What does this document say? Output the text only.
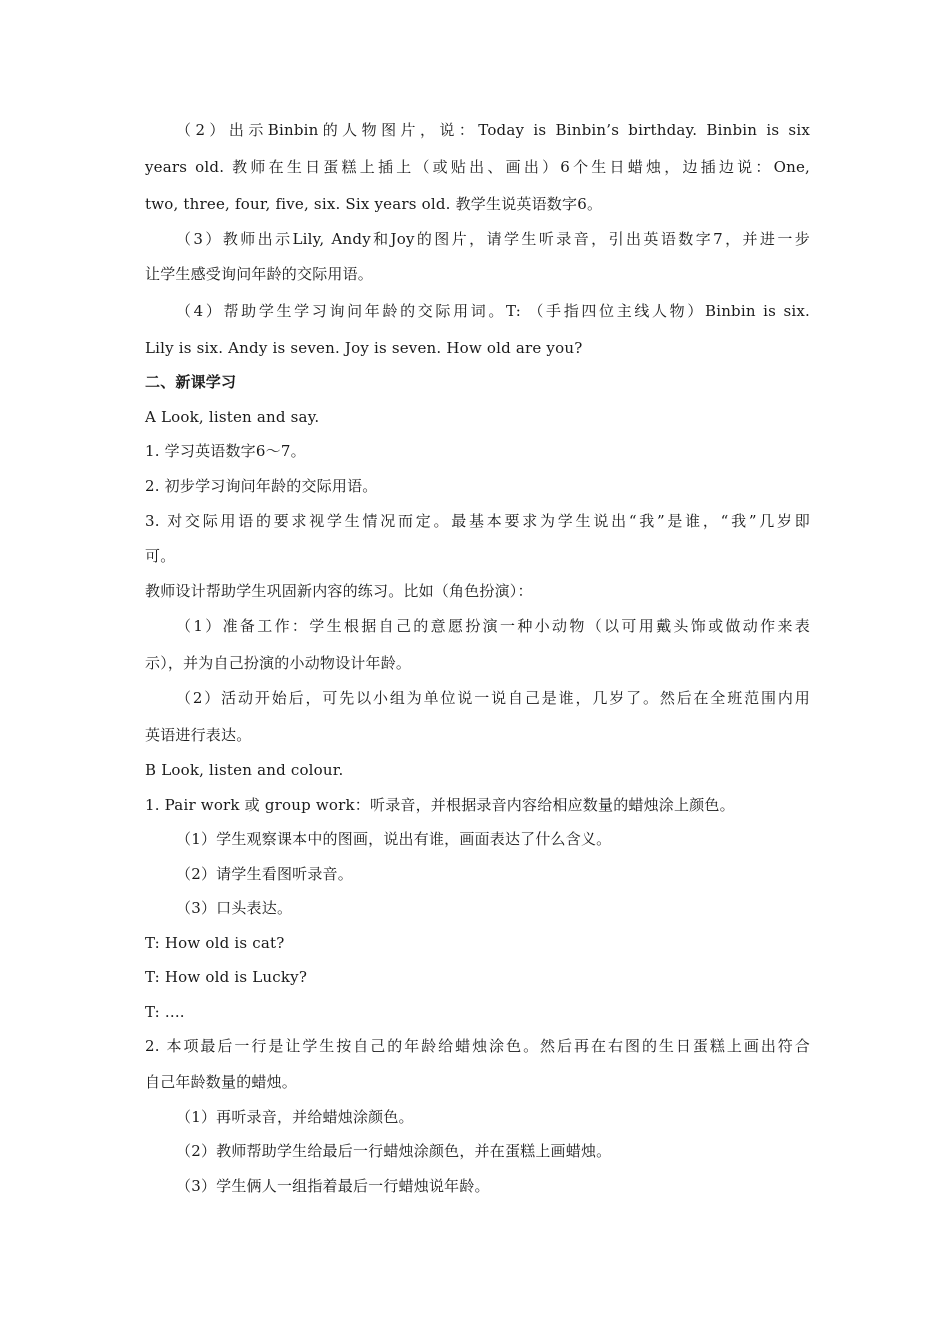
（2）出示Binbin的人物图片，说：Today is Binbin’s birthday. Binbin is six
years old. 教师在生日蛋糕上插上（或贴出、画出）6个生日蜡烛，边插边说：One,
two, three, four, five, six. Six years old. 教学生说英语数字6。
（3）教师出示Lily, Andy和Joy的图片，请学生听录音，引出英语数字7，并进一步
让学生感受询问年龄的交际用语。
（4）帮助学生学习询问年龄的交际用词。T: （手指四位主线人物）Binbin is six.
Lily is six. Andy is seven. Joy is seven. How old are you?
二、新课学习
A Look, listen and say.
1. 学习英语数字6～7。
2. 初步学习询问年龄的交际用语。
3. 对交际用语的要求视学生情况而定。最基本要求为学生说出“我”是谁，“我”几岁即
可。
教师设计帮助学生巩固新内容的练习。比如（角色扮演）：
（1）准备工作：学生根据自己的意愿扮演一种小动物（以可用戴头饰或做动作来表
示），并为自己扮演的小动物设计年龄。
（2）活动开始后，可先以小组为单位说一说自己是谁，几岁了。然后在全班范围内用
英语进行表达。
B Look, listen and colour.
1. Pair work 或 group work：听录音，并根据录音内容给相应数量的蜡烛涂上颜色。
（1）学生观察课本中的图画，说出有谁，画面表达了什么含义。
（2）请学生看图听录音。
（3）口头表达。
T: How old is cat?
T: How old is Lucky?
T: ....
2. 本项最后一行是让学生按自己的年龄给蜡烛涂色。然后再在右图的生日蛋糕上画出符合
自己年龄数量的蜡烛。
（1）再听录音，并给蜡烛涂颜色。
（2）教师帮助学生给最后一行蜡烛涂颜色，并在蛋糕上画蜡烛。
（3）学生俩人一组指着最后一行蜡烛说年龄。
